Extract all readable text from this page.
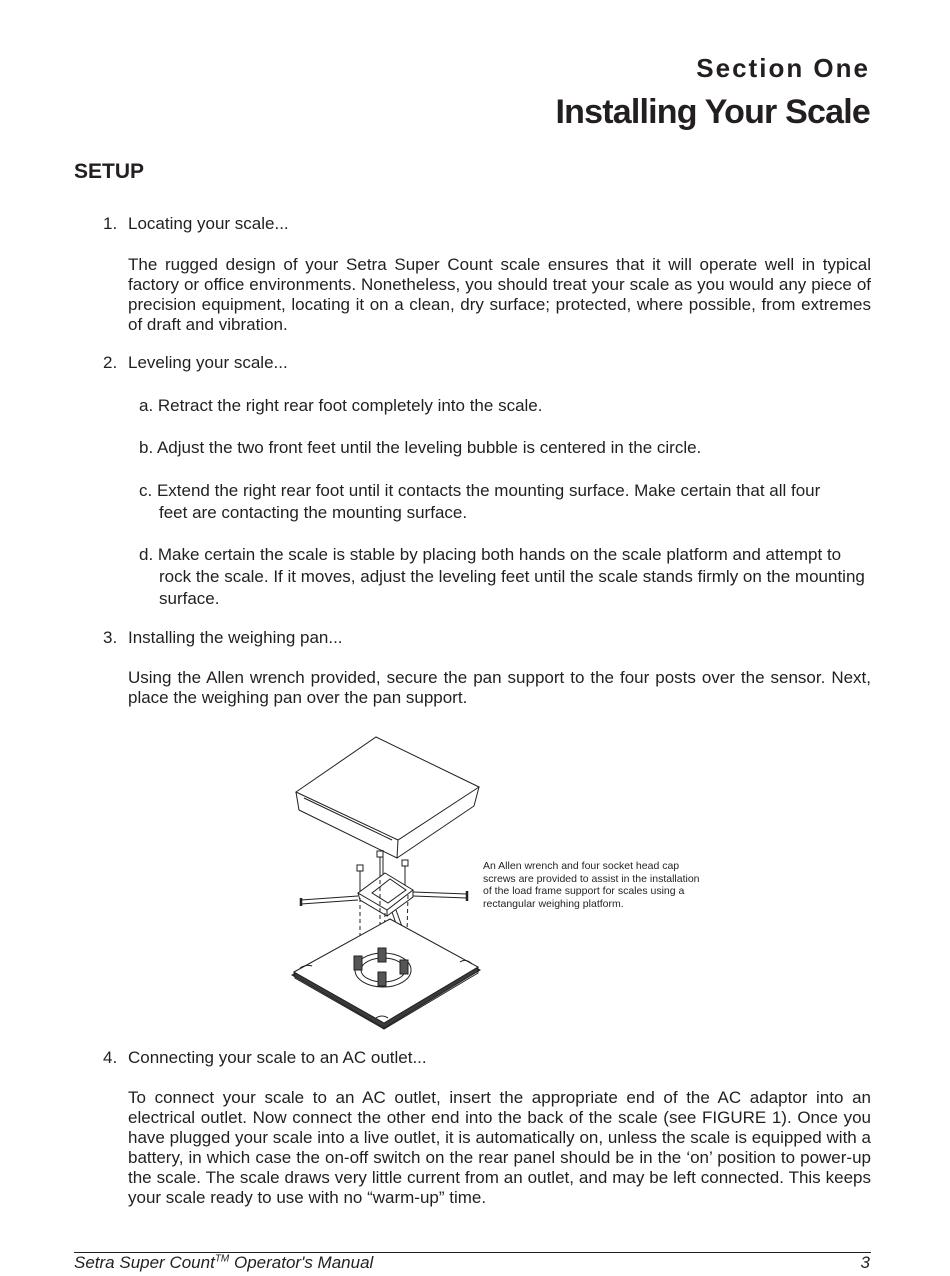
Section One
Installing Your Scale
SETUP
1. Locating your scale...
The rugged design of your Setra Super Count scale ensures that it will operate well in typical factory or office environments. Nonetheless, you should treat your scale as you would any piece of precision equipment, locating it on a clean, dry surface; protected, where possible, from extremes of draft and vibration.
2. Leveling your scale...
a. Retract the right rear foot completely into the scale.
b. Adjust the two front feet until the leveling bubble is centered in the circle.
c. Extend the right rear foot until it contacts the mounting surface. Make certain that all four feet are contacting the mounting surface.
d. Make certain the scale is stable by placing both hands on the scale platform and attempt to rock the scale. If it moves, adjust the leveling feet until the scale stands firmly on the mounting surface.
3. Installing the weighing pan...
Using the Allen wrench provided, secure the pan support to the four posts over the sensor. Next, place the weighing pan over the pan support.
An Allen wrench and four socket head cap screws are provided to assist in the installation of the load frame support for scales using a rectangular weighing platform.
4. Connecting your scale to an AC outlet...
To connect your scale to an AC outlet, insert the appropriate end of the AC adaptor into an electrical outlet. Now connect the other end into the back of the scale (see FIGURE 1). Once you have plugged your scale into a live outlet, it is automatically on, unless the scale is equipped with a battery, in which case the on-off switch on the rear panel should be in the ‘on’ position to power-up the scale. The scale draws very little current from an outlet, and may be left connected. This keeps your scale ready to use with no “warm-up” time.
Setra Super Count™ Operator's Manual	3
